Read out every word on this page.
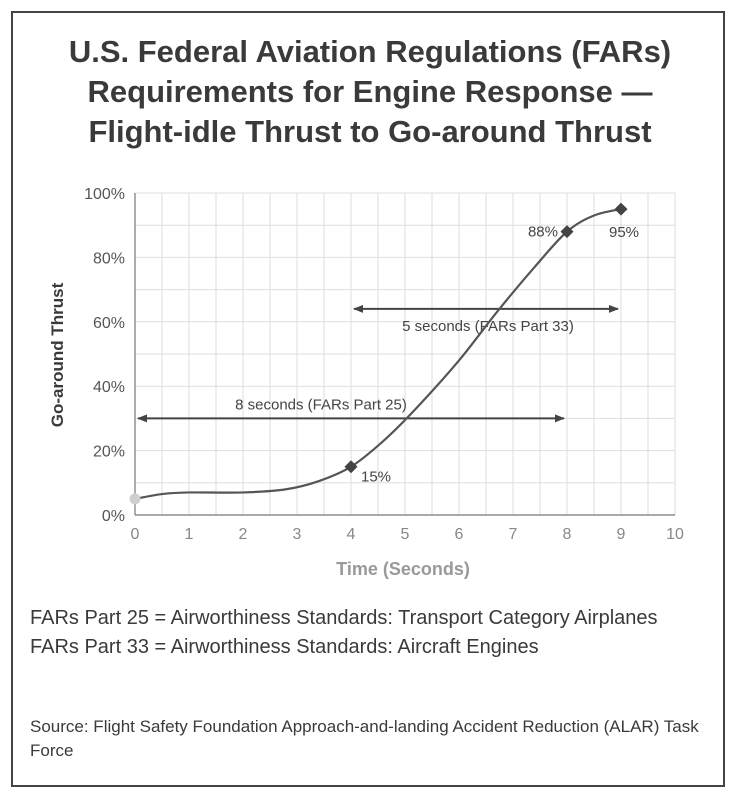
U.S. Federal Aviation Regulations (FARs)
Requirements for Engine Response —
Flight-idle Thrust to Go-around Thrust
0%
20%
40%
60%
80%
100%
0	1	2	3	4	5	6	7	8	9	10
5 seconds (FARs Part 33)
8 seconds (FARs Part 25)
15%
88%	95%
Go-around Thrust
Time (Seconds)
FARs Part 25 = Airworthiness Standards: Transport Category Airplanes
FARs Part 33 = Airworthiness Standards: Aircraft Engines
Source: Flight Safety Foundation Approach-and-landing Accident Reduction (ALAR) Task Force
